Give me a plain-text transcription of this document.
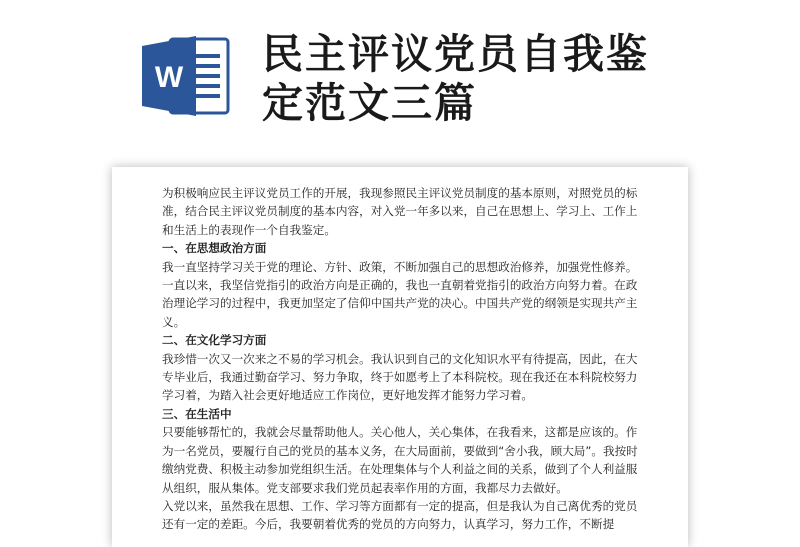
W 民主评议党员自我鉴
定范文三篇

为积极响应民主评议党员工作的开展，我现参照民主评议党员制度的基本原则，对照党员的标准，结合民主评议党员制度的基本内容，对入党一年多以来，自己在思想上、学习上、工作上和生活上的表现作一个自我鉴定。

一、在思想政治方面

我一直坚持学习关于党的理论、方针、政策，不断加强自己的思想政治修养，加强党性修养。

一直以来，我坚信党指引的政治方向是正确的，我也一直朝着党指引的政治方向努力着。在政治理论学习的过程中，我更加坚定了信仰中国共产党的决心。中国共产党的纲领是实现共产主义。

二、在文化学习方面

我珍惜一次又一次来之不易的学习机会。我认识到自己的文化知识水平有待提高，因此，在大专毕业后，我通过勤奋学习、努力争取，终于如愿考上了本科院校。现在我还在本科院校努力学习着，为踏入社会更好地适应工作岗位，更好地发挥才能努力学习着。

三、在生活中

只要能够帮忙的，我就会尽量帮助他人。关心他人，关心集体，在我看来，这都是应该的。作为一名党员，要履行自己的党员的基本义务，在大局面前，要做到“舍小我，顾大局”。我按时缴纳党费、积极主动参加党组织生活。在处理集体与个人利益之间的关系，做到了个人利益服从组织，服从集体。党支部要求我们党员起表率作用的方面，我都尽力去做好。

入党以来，虽然我在思想、工作、学习等方面都有一定的提高，但是我认为自己离优秀的党员还有一定的差距。今后，我要朝着优秀的党员的方向努力，认真学习，努力工作，不断提
